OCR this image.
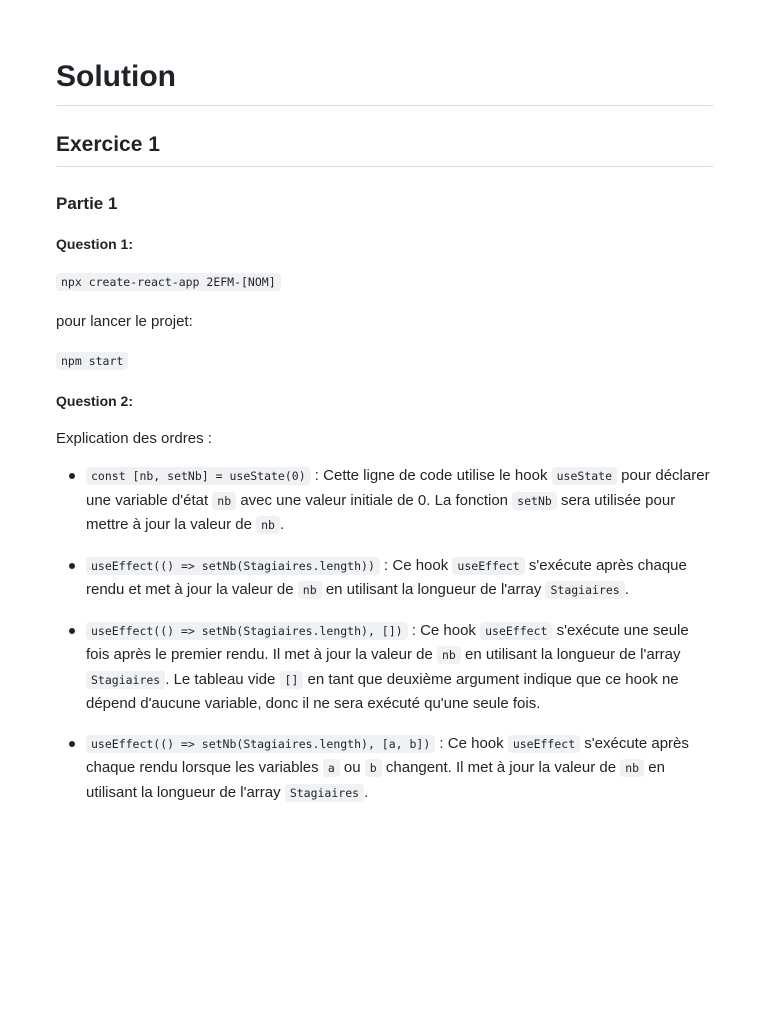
Solution
Exercice 1
Partie 1
Question 1:

npx create-react-app 2EFM-[NOM]

pour lancer le projet:

npm start

Question 2:

Explication des ordres :

const [nb, setNb] = useState(0) : Cette ligne de code utilise le hook useState pour déclarer une variable d'état nb avec une valeur initiale de 0. La fonction setNb sera utilisée pour mettre à jour la valeur de nb .
useEffect(() => setNb(Stagiaires.length)) : Ce hook useEffect s'exécute après chaque rendu et met à jour la valeur de nb en utilisant la longueur de l'array Stagiaires .
useEffect(() => setNb(Stagiaires.length), []) : Ce hook useEffect s'exécute une seule fois après le premier rendu. Il met à jour la valeur de nb en utilisant la longueur de l'array Stagiaires . Le tableau vide [] en tant que deuxième argument indique que ce hook ne dépend d'aucune variable, donc il ne sera exécuté qu'une seule fois.
useEffect(() => setNb(Stagiaires.length), [a, b]) : Ce hook useEffect s'exécute après chaque rendu lorsque les variables a ou b changent. Il met à jour la valeur de nb en utilisant la longueur de l'array Stagiaires .
